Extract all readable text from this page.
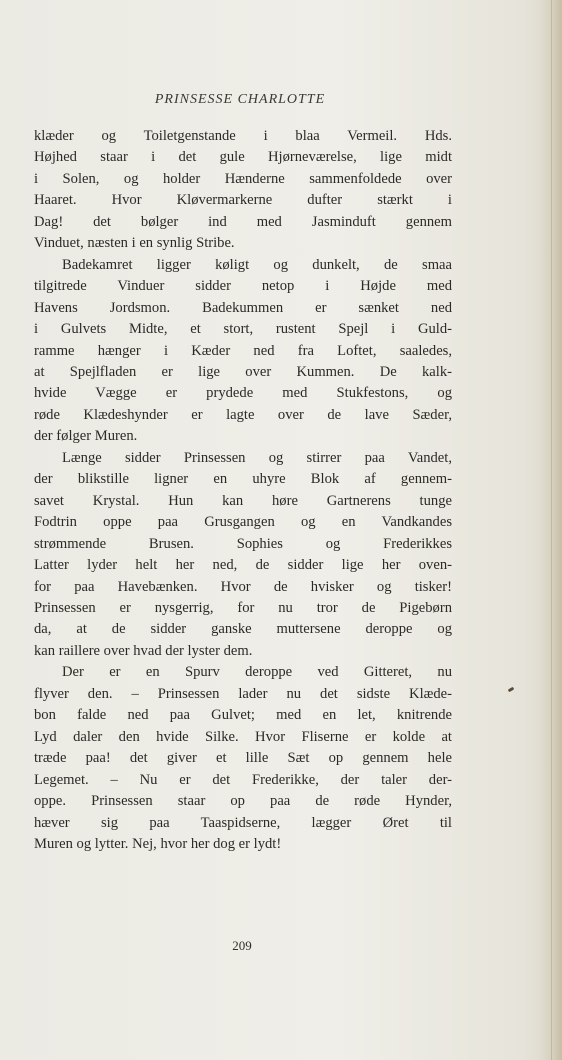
PRINSESSE CHARLOTTE
klæder og Toiletgenstande i blaa Vermeil. Hds.
Højhed staar i det gule Hjørneværelse, lige midt
i Solen, og holder Hænderne sammenfoldede over
Haaret. Hvor Kløvermarkerne dufter stærkt i
Dag! det bølger ind med Jasminduft gennem
Vinduet, næsten i en synlig Stribe.
Badekamret ligger køligt og dunkelt, de smaa
tilgitrede Vinduer sidder netop i Højde med
Havens Jordsmon. Badekummen er sænket ned
i Gulvets Midte, et stort, rustent Spejl i Guld-
ramme hænger i Kæder ned fra Loftet, saaledes,
at Spejlfladen er lige over Kummen. De kalk-
hvide Vægge er prydede med Stukfestons, og
røde Klædeshynder er lagte over de lave Sæder,
der følger Muren.
Længe sidder Prinsessen og stirrer paa Vandet,
der blikstille ligner en uhyre Blok af gennem-
savet Krystal. Hun kan høre Gartnerens tunge
Fodtrin oppe paa Grusgangen og en Vandkandes
strømmende Brusen. Sophies og Frederikkes
Latter lyder helt her ned, de sidder lige her oven-
for paa Havebænken. Hvor de hvisker og tisker!
Prinsessen er nysgerrig, for nu tror de Pigebørn
da, at de sidder ganske muttersene deroppe og
kan raillere over hvad der lyster dem.
Der er en Spurv deroppe ved Gitteret, nu
flyver den. – Prinsessen lader nu det sidste Klæde-
bon falde ned paa Gulvet; med en let, knitrende
Lyd daler den hvide Silke. Hvor Fliserne er kolde at
træde paa! det giver et lille Sæt op gennem hele
Legemet. – Nu er det Frederikke, der taler der-
oppe. Prinsessen staar op paa de røde Hynder,
hæver sig paa Taaspidserne, lægger Øret til
Muren og lytter. Nej, hvor her dog er lydt!
209
